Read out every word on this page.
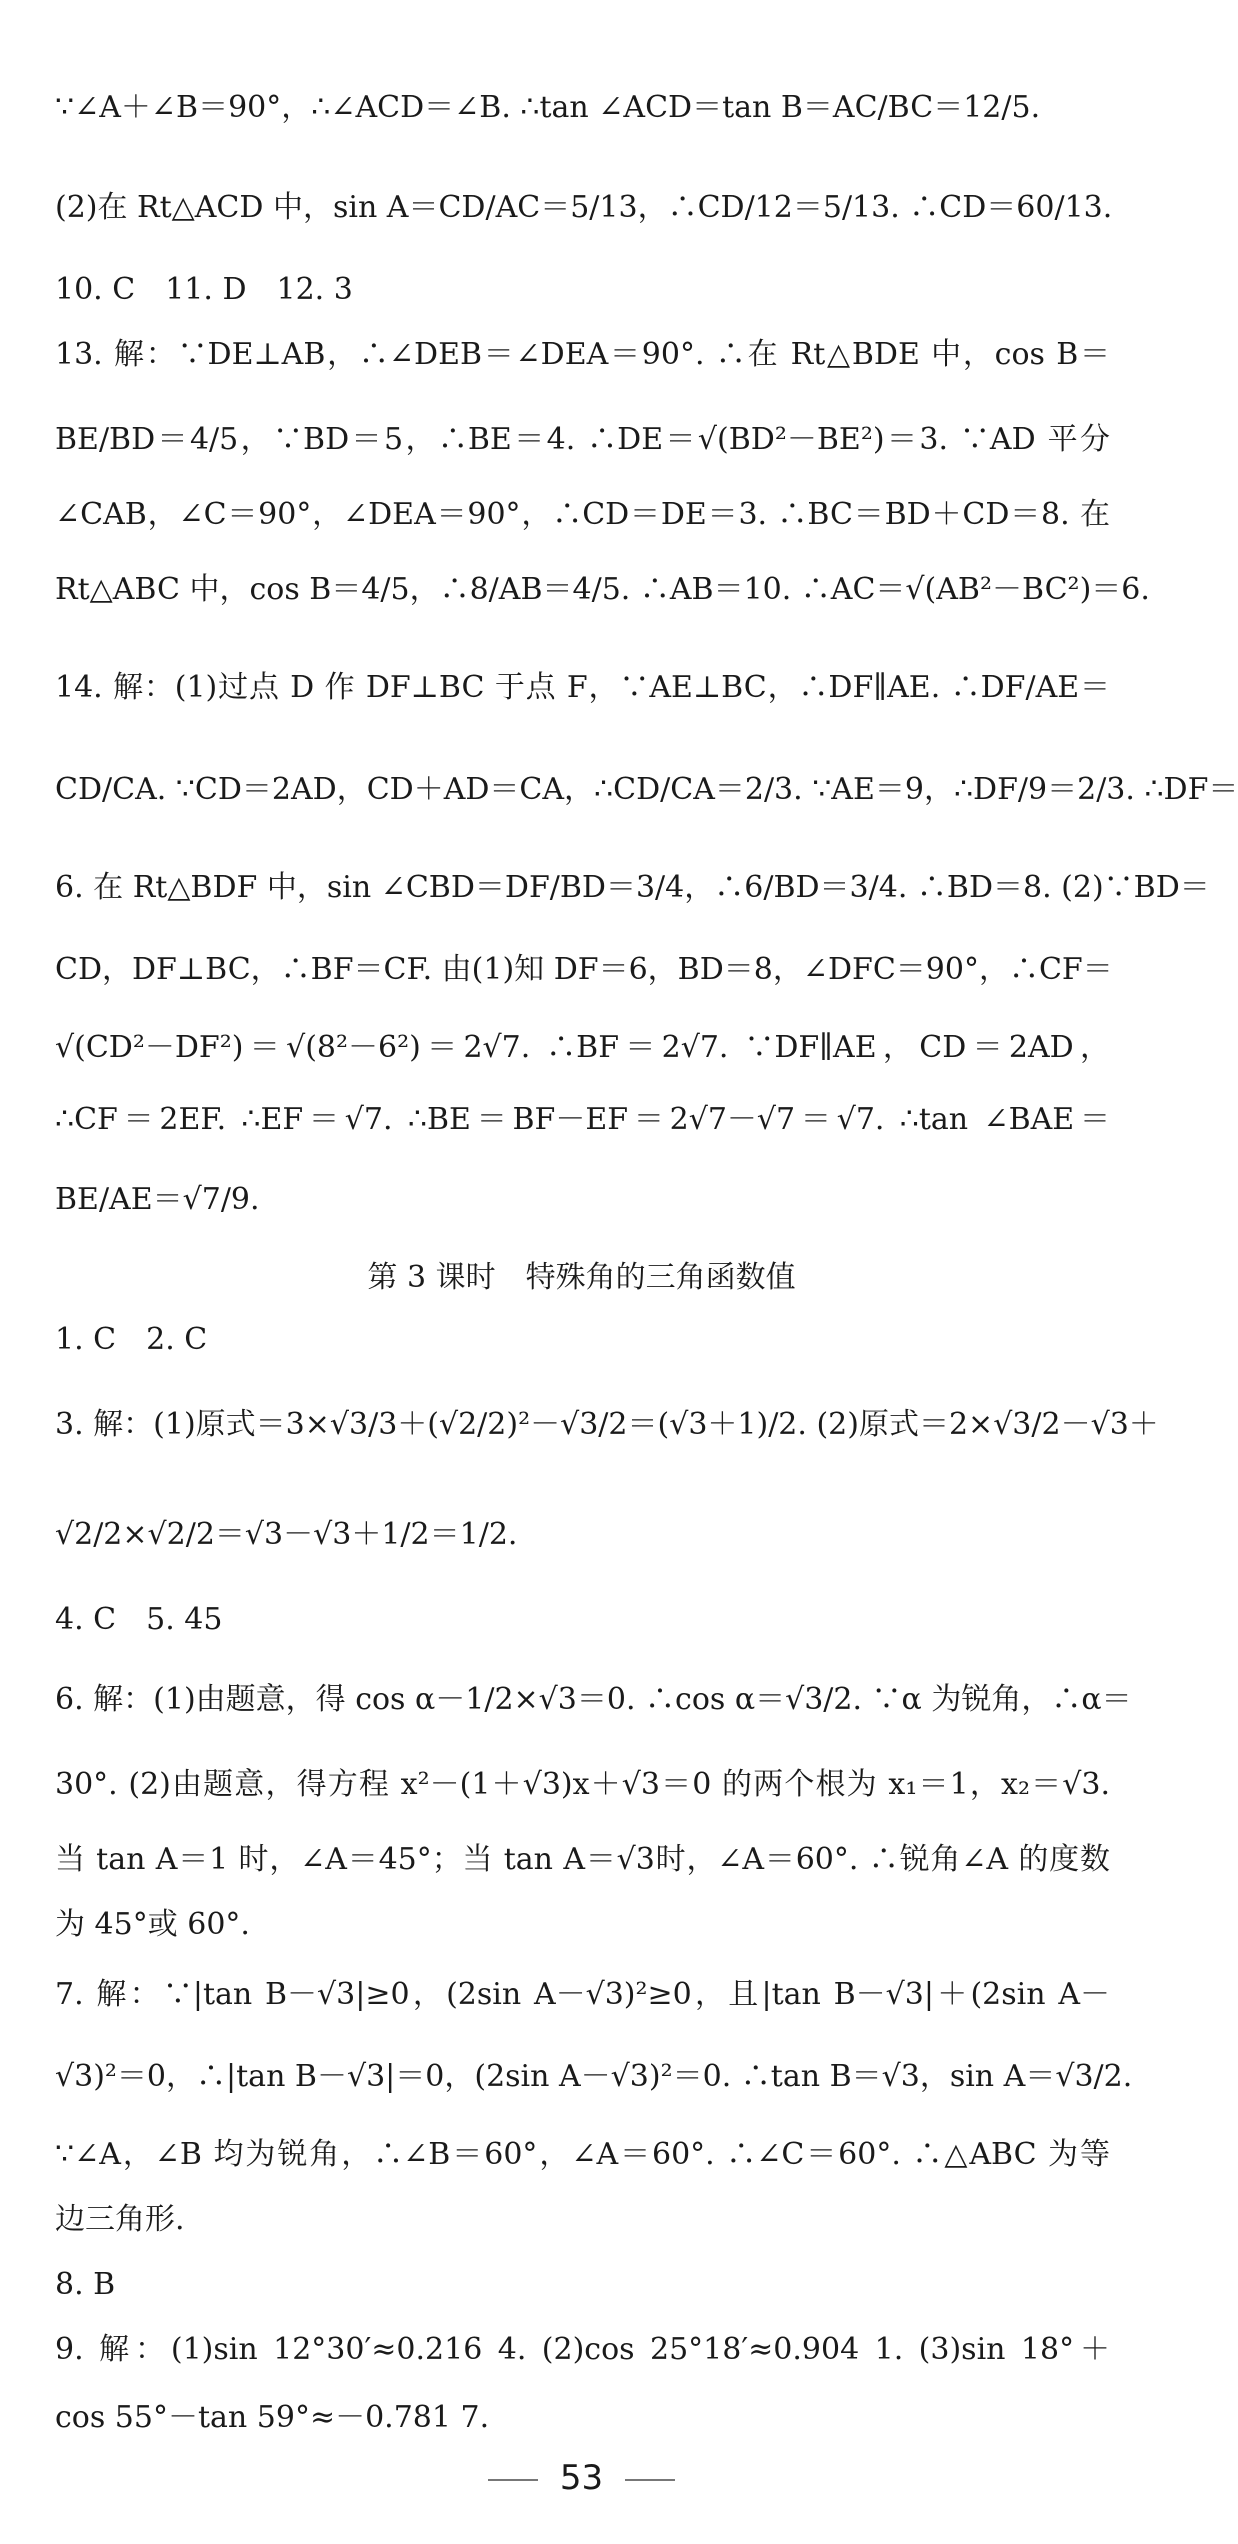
∵∠A＋∠B＝90°，∴∠ACD＝∠B. ∴tan ∠ACD＝tan B＝AC/BC＝12/5.
(2)在 Rt△ACD 中，sin A＝CD/AC＝5/13，∴CD/12＝5/13. ∴CD＝60/13.
10. C　11. D　12. 3
13. 解：∵DE⊥AB，∴∠DEB＝∠DEA＝90°. ∴在 Rt△BDE 中，cos B＝
BE/BD＝4/5，∵BD＝5，∴BE＝4. ∴DE＝√(BD²－BE²)＝3. ∵AD 平分
∠CAB，∠C＝90°，∠DEA＝90°，∴CD＝DE＝3. ∴BC＝BD＋CD＝8. 在
Rt△ABC 中，cos B＝4/5，∴8/AB＝4/5. ∴AB＝10. ∴AC＝√(AB²－BC²)＝6.
14. 解：(1)过点 D 作 DF⊥BC 于点 F，∵AE⊥BC，∴DF∥AE. ∴DF/AE＝
CD/CA. ∵CD＝2AD，CD＋AD＝CA，∴CD/CA＝2/3. ∵AE＝9，∴DF/9＝2/3. ∴DF＝
6. 在 Rt△BDF 中，sin ∠CBD＝DF/BD＝3/4，∴6/BD＝3/4. ∴BD＝8. (2)∵BD＝
CD，DF⊥BC，∴BF＝CF. 由(1)知 DF＝6，BD＝8，∠DFC＝90°，∴CF＝
√(CD²－DF²)＝√(8²－6²)＝2√7. ∴BF＝2√7. ∵DF∥AE，CD＝2AD，
∴CF＝2EF. ∴EF＝√7. ∴BE＝BF－EF＝2√7－√7＝√7. ∴tan ∠BAE＝
BE/AE＝√7/9.
第 3 课时　特殊角的三角函数值
1. C　2. C
3. 解：(1)原式＝3×√3/3＋(√2/2)²－√3/2＝(√3＋1)/2. (2)原式＝2×√3/2－√3＋
√2/2×√2/2＝√3－√3＋1/2＝1/2.
4. C　5. 45
6. 解：(1)由题意，得 cos α－1/2×√3＝0. ∴cos α＝√3/2. ∵α 为锐角，∴α＝
30°. (2)由题意，得方程 x²－(1＋√3)x＋√3＝0 的两个根为 x₁＝1，x₂＝√3.
当 tan A＝1 时，∠A＝45°；当 tan A＝√3时，∠A＝60°. ∴锐角∠A 的度数
为 45°或 60°.
7. 解：∵|tan B－√3|≥0，(2sin A－√3)²≥0，且|tan B－√3|＋(2sin A－
√3)²＝0，∴|tan B－√3|＝0，(2sin A－√3)²＝0. ∴tan B＝√3，sin A＝√3/2.
∵∠A，∠B 均为锐角，∴∠B＝60°，∠A＝60°. ∴∠C＝60°. ∴△ABC 为等
边三角形.
8. B
9. 解：(1)sin 12°30′≈0.216 4. (2)cos 25°18′≈0.904 1. (3)sin 18°＋
cos 55°－tan 59°≈－0.781 7.
53
